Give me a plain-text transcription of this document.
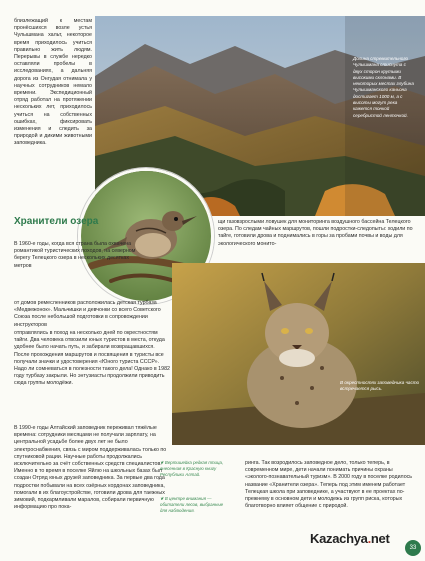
Долина стремительного Чулышмана стиснута с двух сторон крутыми высокими склонами. В некоторых местах глубина Чулышманского каньона достигает 1000 м, а с высоты могут река кажется тонкой серебристой ленточкой.

близлежащий к местам пронёсшихся возле устья Чулышмана хальт, некоторое время приходилось учиться правильно жить людям. Перерывы в службе нередко оставляли пробелы в исследованиях, а дальняя дорога из Онгудая отнимала у научных сотрудников немало времени. Экспедиционный отряд работал на протяжении нескольких лет, приходилось учиться на собственных ошибках, фиксировать изменения и следить за природой и дикими животными заповедника.

Хранители озера

В 1960-е годы, когда вся страна была охвачена романтикой туристических походов, на северном берегу Телецкого озера в нескольких десятках метров

от домов ремесленников расположилась детская турбаза «Медвежонок». Мальчишки и девчонки со всего Советского Союза после небольшой подготовки в сопровождении инструкторов

отправлялись в поход на несколько дней по окрестностям тайги. Два человека отвозили юных туристов в места, откуда удобнее было начать путь, и забирали возвращавшихся. После прохождения маршрутов и посвящения в туристы все получали значки и удостоверения «Юного туриста СССР». Надо ли сомневаться в полезности такого дела! Однако в 1982 году турбазу закрыли. Но энтузиасты продолжили приводить сюда группы молодёжи.

В 1990-е годы Алтайский заповедник переживал тяжёлые времена: сотрудники месяцами не получали зарплату, на центральной усадьбе более двух лет не было электроснабжения, связь с миром поддерживалась только по спутниковой рации. Научные работы продолжались исключительно за счёт собственных средств специалистов. Именно в то время в поселке Яйлю на школьных базах был создан Отряд юных друзей заповедника. За первые два года подростки побывали на всех озёрных кордонах заповедника, помогали в их благоустройстве, готовили дрова для таежных зимовий, подкармливали маралов, собирали первичную информацию про пока-

щи газовзрослыми ловушек для мониторинга воздушного бассейна Телецкого озера. По следам чайных маршрутов, пошли подростки-следопыты: ходили по тайге, готовили дрова и поднимались в горы за пробами почвы и воды для экологического монито-

В окрестностях заповедника часто встречается рысь.
❦ Вертишейка редкая птица, внесенная в Красную книгу Республики Алтай.
❦ В центре внимания — обитатели лесов, выбранные для наблюдения.

ринга. Так возродилось заповедное дело, только теперь, в современном мире, дети начали понимать причины охраны «эколого-познавательный туризм». В 2000 году в поселке родилось название «Хранители озера». Теперь под этим именем работает Телецкая школа при заповеднике, а участвуют в ее проектах по-прежнему в основном дети и молодежь из групп риска, которых благотворно влияет общение с природой.

Kazachya.net
33
